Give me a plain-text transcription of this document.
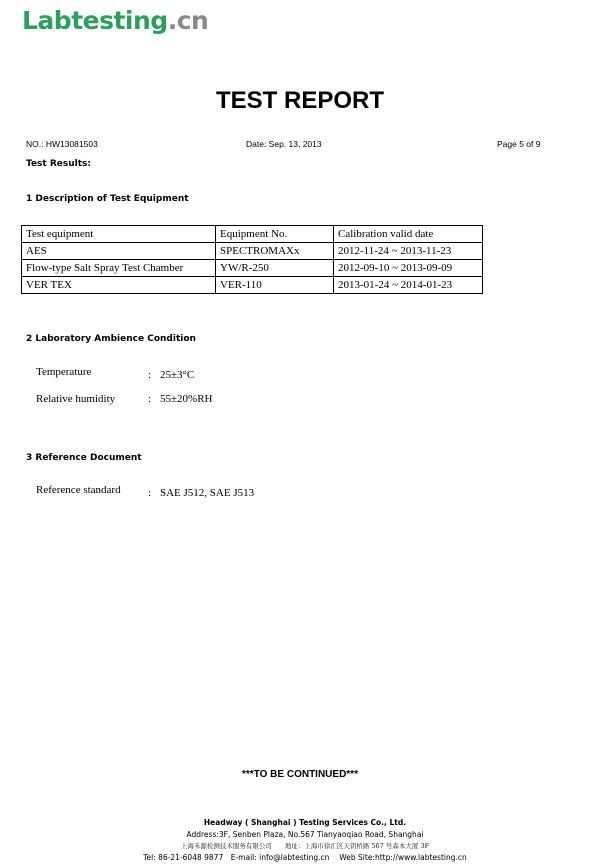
Labtesting.cn
TEST REPORT
NO.: HW13081503	Date: Sep. 13, 2013	Page 5 of 9
Test Results:
1 Description of Test Equipment
Test equipment	Equipment No.	Calibration valid date
AES	SPECTROMAXx	2012-11-24 ~ 2013-11-23
Flow-type Salt Spray Test Chamber	YW/R-250	2012-09-10 ~ 2013-09-09
VER TEX	VER-110	2013-01-24 ~ 2014-01-23
2 Laboratory Ambience Condition
Temperature	: 25±3°C
Relative humidity	: 55±20%RH
3 Reference Document
Reference standard : SAE J512, SAE J513
***TO BE CONTINUED***
Headway ( Shanghai ) Testing Services Co., Ltd.
Address:3F, Senben Plaza, No.567 Tianyaoqiao Road, Shanghai
上海禾源检测技术服务有限公司　　地址：上海市徐汇区天钥桥路 567 号森本大厦 3F
Tel: 86-21-6048 9877　E-mail: info@labtesting.cn　 Web Site:http://www.labtesting.cn
